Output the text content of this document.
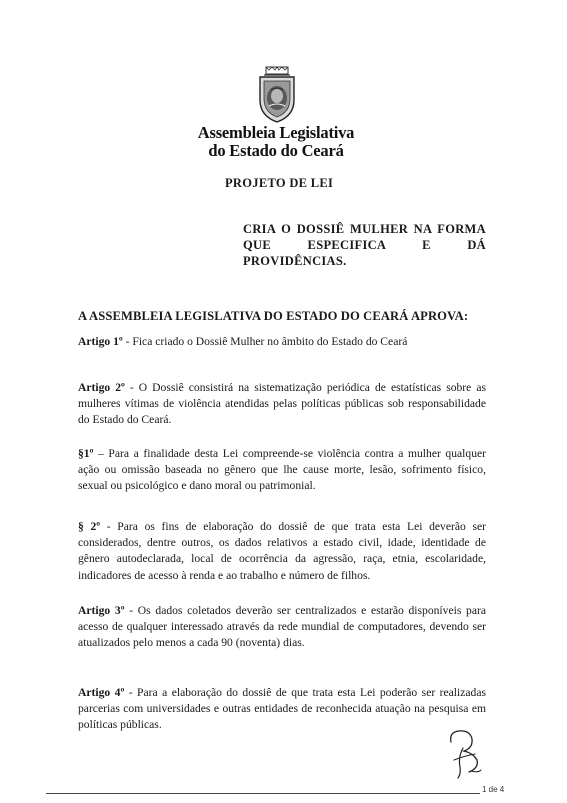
Assembleia Legislativa
do Estado do Ceará
PROJETO DE LEI
CRIA O DOSSIÊ MULHER NA FORMA QUE ESPECIFICA E DÁ PROVIDÊNCIAS.
A ASSEMBLEIA LEGISLATIVA DO ESTADO DO CEARÁ APROVA:
Artigo 1º - Fica criado o Dossiê Mulher no âmbito do Estado do Ceará
Artigo 2º - O Dossiê consistirá na sistematização periódica de estatísticas sobre as mulheres vítimas de violência atendidas pelas políticas públicas sob responsabilidade do Estado do Ceará.
§1º – Para a finalidade desta Lei compreende-se violência contra a mulher qualquer ação ou omissão baseada no gênero que lhe cause morte, lesão, sofrimento físico, sexual ou psicológico e dano moral ou patrimonial.
§ 2º - Para os fins de elaboração do dossiê de que trata esta Lei deverão ser considerados, dentre outros, os dados relativos a estado civil, idade, identidade de gênero autodeclarada, local de ocorrência da agressão, raça, etnia, escolaridade, indicadores de acesso à renda e ao trabalho e número de filhos.
Artigo 3º - Os dados coletados deverão ser centralizados e estarão disponíveis para acesso de qualquer interessado através da rede mundial de computadores, devendo ser atualizados pelo menos a cada 90 (noventa) dias.
Artigo 4º - Para a elaboração do dossiê de que trata esta Lei poderão ser realizadas parcerias com universidades e outras entidades de reconhecida atuação na pesquisa em políticas públicas.
1 de 4
